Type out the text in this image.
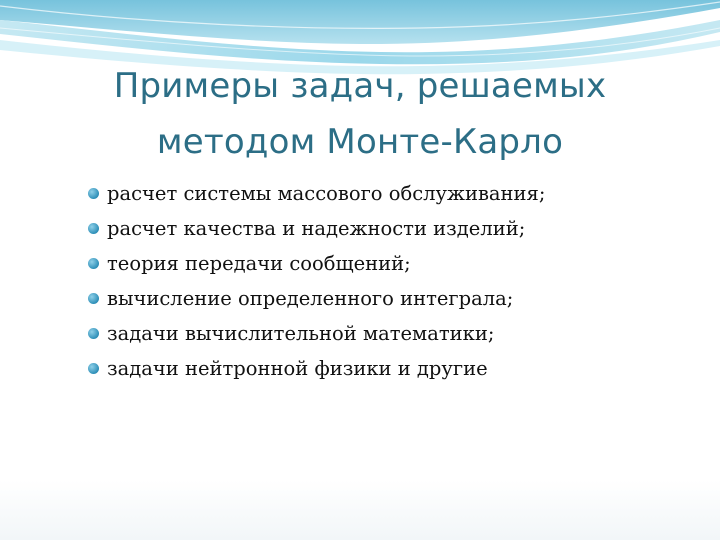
Примеры задач, решаемых
методом Монте-Карло
расчет системы массового обслуживания;
расчет качества и надежности изделий;
теория передачи сообщений;
вычисление определенного интеграла;
задачи вычислительной математики;
задачи нейтронной физики и другие
